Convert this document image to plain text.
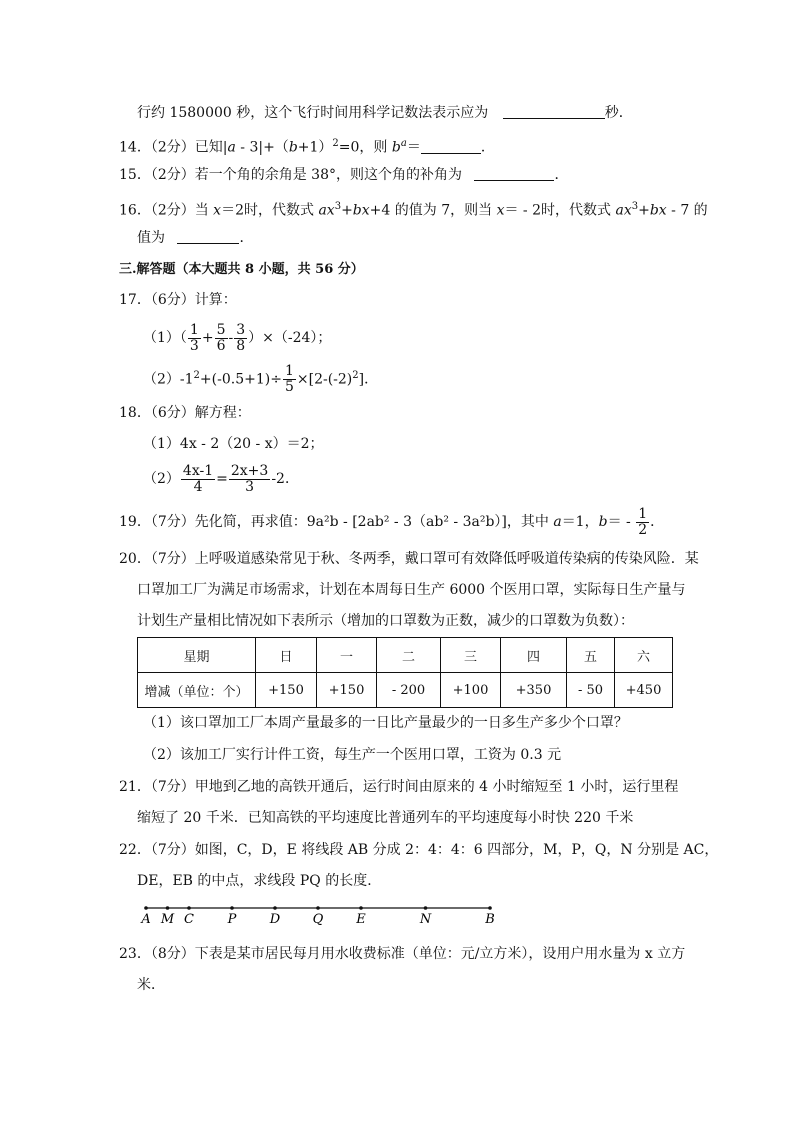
行约 1580000 秒，这个飞行时间用科学记数法表示应为	秒．
14．（2分）已知$|a - 3|+(b+1)^2=0$，则 $b^a=$	．
15．（2分）若一个角的余角是 38°，则这个角的补角为	．
16．（2分）当 x＝2时，代数式 $ax^3+bx+4$ 的值为 7，则当 x＝ - 2时，代数式 $ax^3+bx - 7$ 的
值为	．
三.解答题（本大题共 8 小题，共 56 分）
17．（6分）计算：
$(1)( \frac{1}{3} + \frac{5}{6} - \frac{3}{8} )\times(-24)$；
$(2)-1^2+(-0.5+1)\div \frac{1}{5} \times[2-(-2)^2]$．
18．（6分）解方程：
（1）4x - 2（20 - x）＝2；
$(2) \frac{4x-1}{4} = \frac{2x+3}{3} -2$．
19．（7分）先化简，再求值：9a²b - [2ab² - 3（ab² - 3a²b）]，其中 a＝1，$b= - \frac{1}{2}$ ．
20．（7分）上呼吸道感染常见于秋、冬两季，戴口罩可有效降低呼吸道传染病的传染风险．某
口罩加工厂为满足市场需求，计划在本周每日生产 6000 个医用口罩，实际每日生产量与
计划生产量相比情况如下表所示（增加的口罩数为正数，减少的口罩数为负数）：
星期	日	一	二	三	四	五	六
增减（单位：个）	+150	+150	- 200	+100	+350	- 50	+450
（1）该口罩加工厂本周产量最多的一日比产量最少的一日多生产多少个口罩？
（2）该加工厂实行计件工资，每生产一个医用口罩，工资为 0.3 元
21．（7分）甲地到乙地的高铁开通后，运行时间由原来的 4 小时缩短至 1 小时，运行里程
缩短了 20 千米．已知高铁的平均速度比普通列车的平均速度每小时快 220 千米
22．（7分）如图，C，D，E 将线段 AB 分成 2：4：4：6 四部分，M，P，Q，N 分别是 AC，
DE，EB 的中点，求线段 PQ 的长度．
A M C	P	D Q	E	N	B
23．（8分）下表是某市居民每月用水收费标准（单位：元/立方米），设用户用水量为 x 立方
米．
